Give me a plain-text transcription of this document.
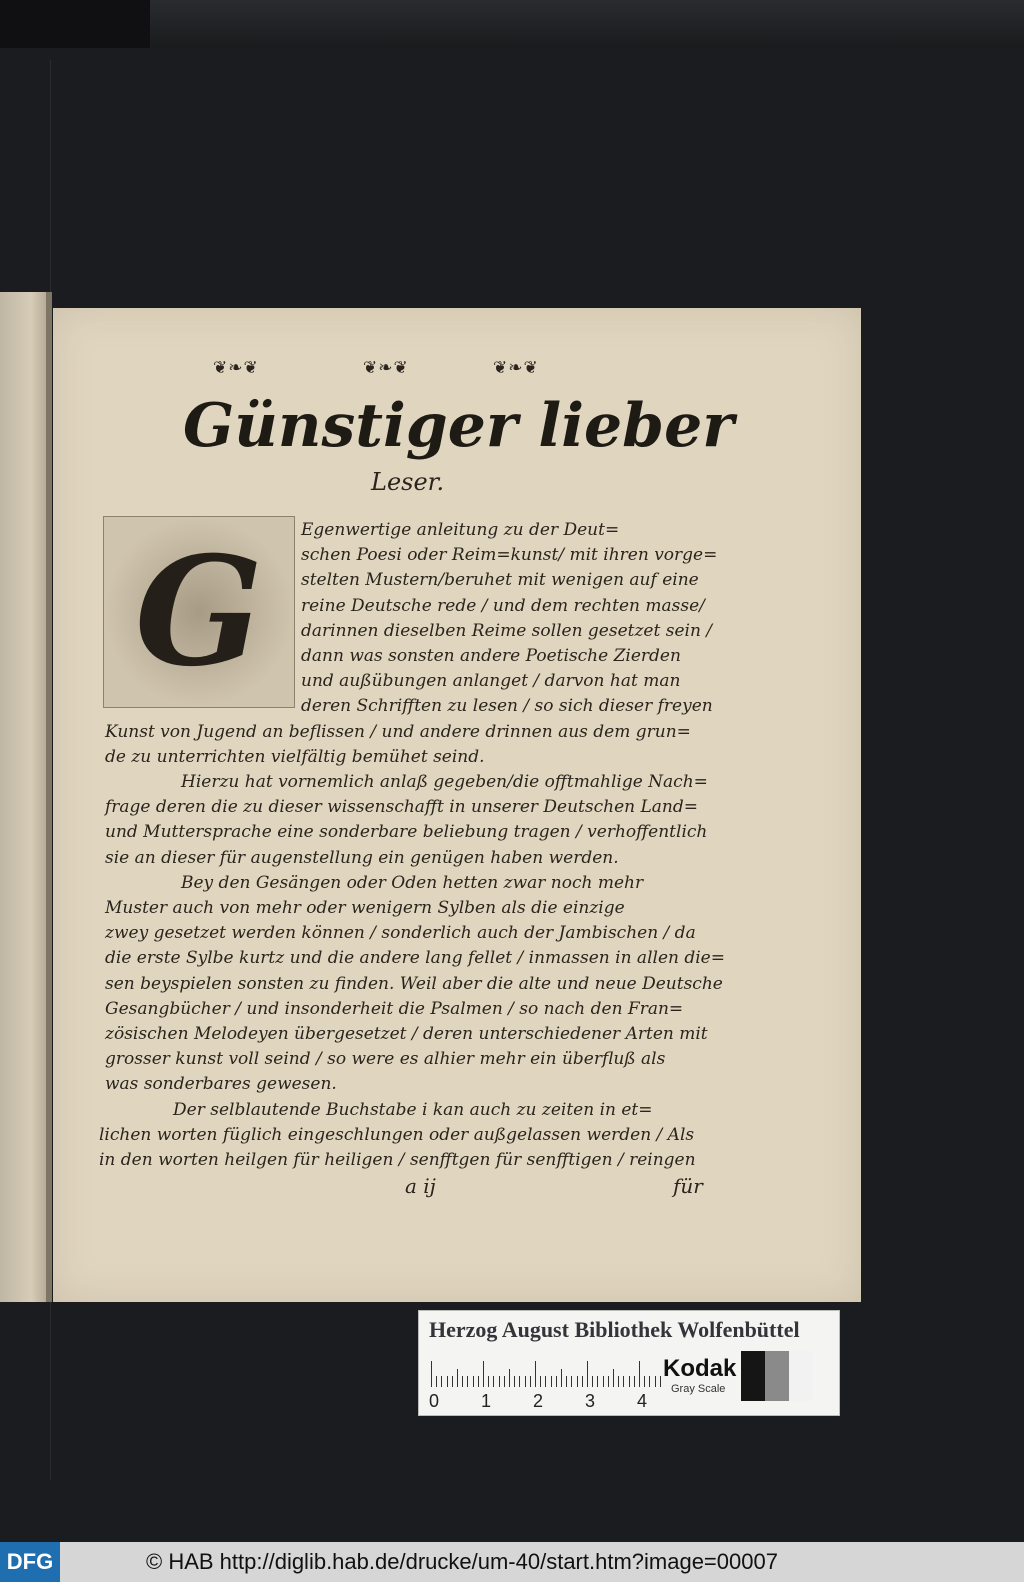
❦❧❦	❦❧❦	❦❧❦
Günstiger lieber
Leser.
G	Egenwertige anleitung zu der Deut=
schen Poesi oder Reim=kunst/ mit ihren vorge=
stelten Mustern/beruhet mit wenigen auf eine
reine Deutsche rede / und dem rechten masse/
darinnen dieselben Reime sollen gesetzet sein /
dann was sonsten andere Poetische Zierden
und außübungen anlanget / darvon hat man
deren Schrifften zu lesen / so sich dieser freyen
Kunst von Jugend an beflissen / und andere drinnen aus dem grun=
de zu unterrichten vielfältig bemühet seind.
Hierzu hat vornemlich anlaß gegeben/die offtmahlige Nach=
frage deren die zu dieser wissenschafft in unserer Deutschen Land=
und Muttersprache eine sonderbare beliebung tragen / verhoffentlich
sie an dieser für augenstellung ein genügen haben werden.
Bey den Gesängen oder Oden hetten zwar noch mehr
Muster auch von mehr oder wenigern Sylben als die einzige
zwey gesetzet werden können / sonderlich auch der Jambischen / da
die erste Sylbe kurtz und die andere lang fellet / inmassen in allen die=
sen beyspielen sonsten zu finden. Weil aber die alte und neue Deutsche
Gesangbücher / und insonderheit die Psalmen / so nach den Fran=
zösischen Melodeyen übergesetzet / deren unterschiedener Arten mit
grosser kunst voll seind / so were es alhier mehr ein überfluß als
was sonderbares gewesen.
Der selblautende Buchstabe i kan auch zu zeiten in et=
lichen worten füglich eingeschlungen oder außgelassen werden / Als
in den worten heilgen für heiligen / senfftgen für senfftigen / reingen
a ij	für
Herzog August Bibliothek Wolfenbüttel
0 1 2 3 4
Kodak
Gray Scale
DFG	© HAB http://diglib.hab.de/drucke/um-40/start.htm?image=00007
